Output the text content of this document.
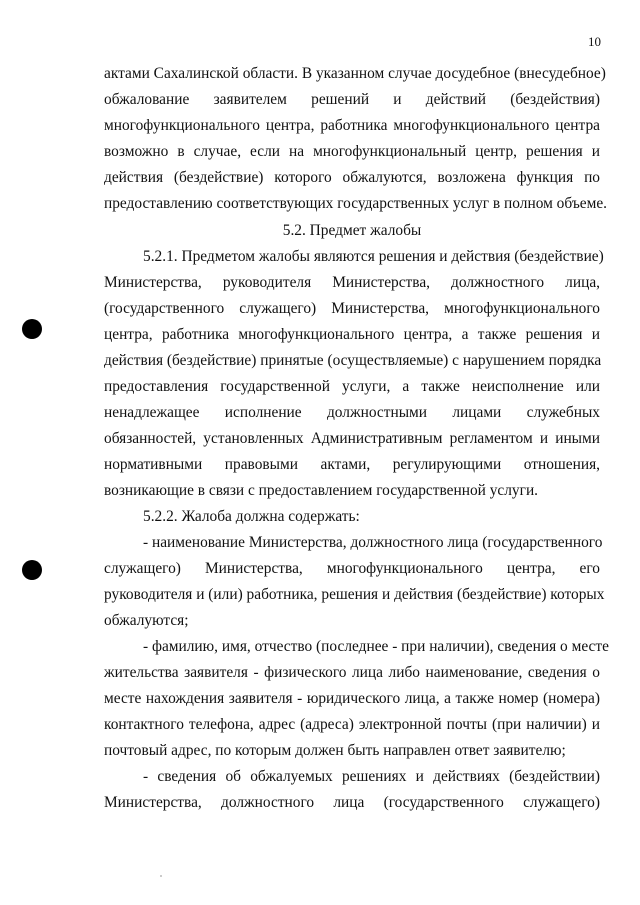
10
актами Сахалинской области. В указанном случае досудебное (внесудебное)
обжалование заявителем решений и действий (бездействия)
многофункционального центра, работника многофункционального центра
возможно в случае, если на многофункциональный центр, решения и
действия (бездействие) которого обжалуются, возложена функция по
предоставлению соответствующих государственных услуг в полном объеме.
5.2. Предмет жалобы
5.2.1. Предметом жалобы являются решения и действия (бездействие)
Министерства, руководителя Министерства, должностного лица,
(государственного служащего) Министерства, многофункционального
центра, работника многофункционального центра, а также решения и
действия (бездействие) принятые (осуществляемые) с нарушением порядка
предоставления государственной услуги, а также неисполнение или
ненадлежащее исполнение должностными лицами служебных
обязанностей, установленных Административным регламентом и иными
нормативными правовыми актами, регулирующими отношения,
возникающие в связи с предоставлением государственной услуги.
5.2.2. Жалоба должна содержать:
- наименование Министерства, должностного лица (государственного
служащего) Министерства, многофункционального центра, его
руководителя и (или) работника, решения и действия (бездействие) которых
обжалуются;
- фамилию, имя, отчество (последнее - при наличии), сведения о месте
жительства заявителя - физического лица либо наименование, сведения о
месте нахождения заявителя - юридического лица, а также номер (номера)
контактного телефона, адрес (адреса) электронной почты (при наличии) и
почтовый адрес, по которым должен быть направлен ответ заявителю;
- сведения об обжалуемых решениях и действиях (бездействии)
Министерства, должностного лица (государственного служащего)
